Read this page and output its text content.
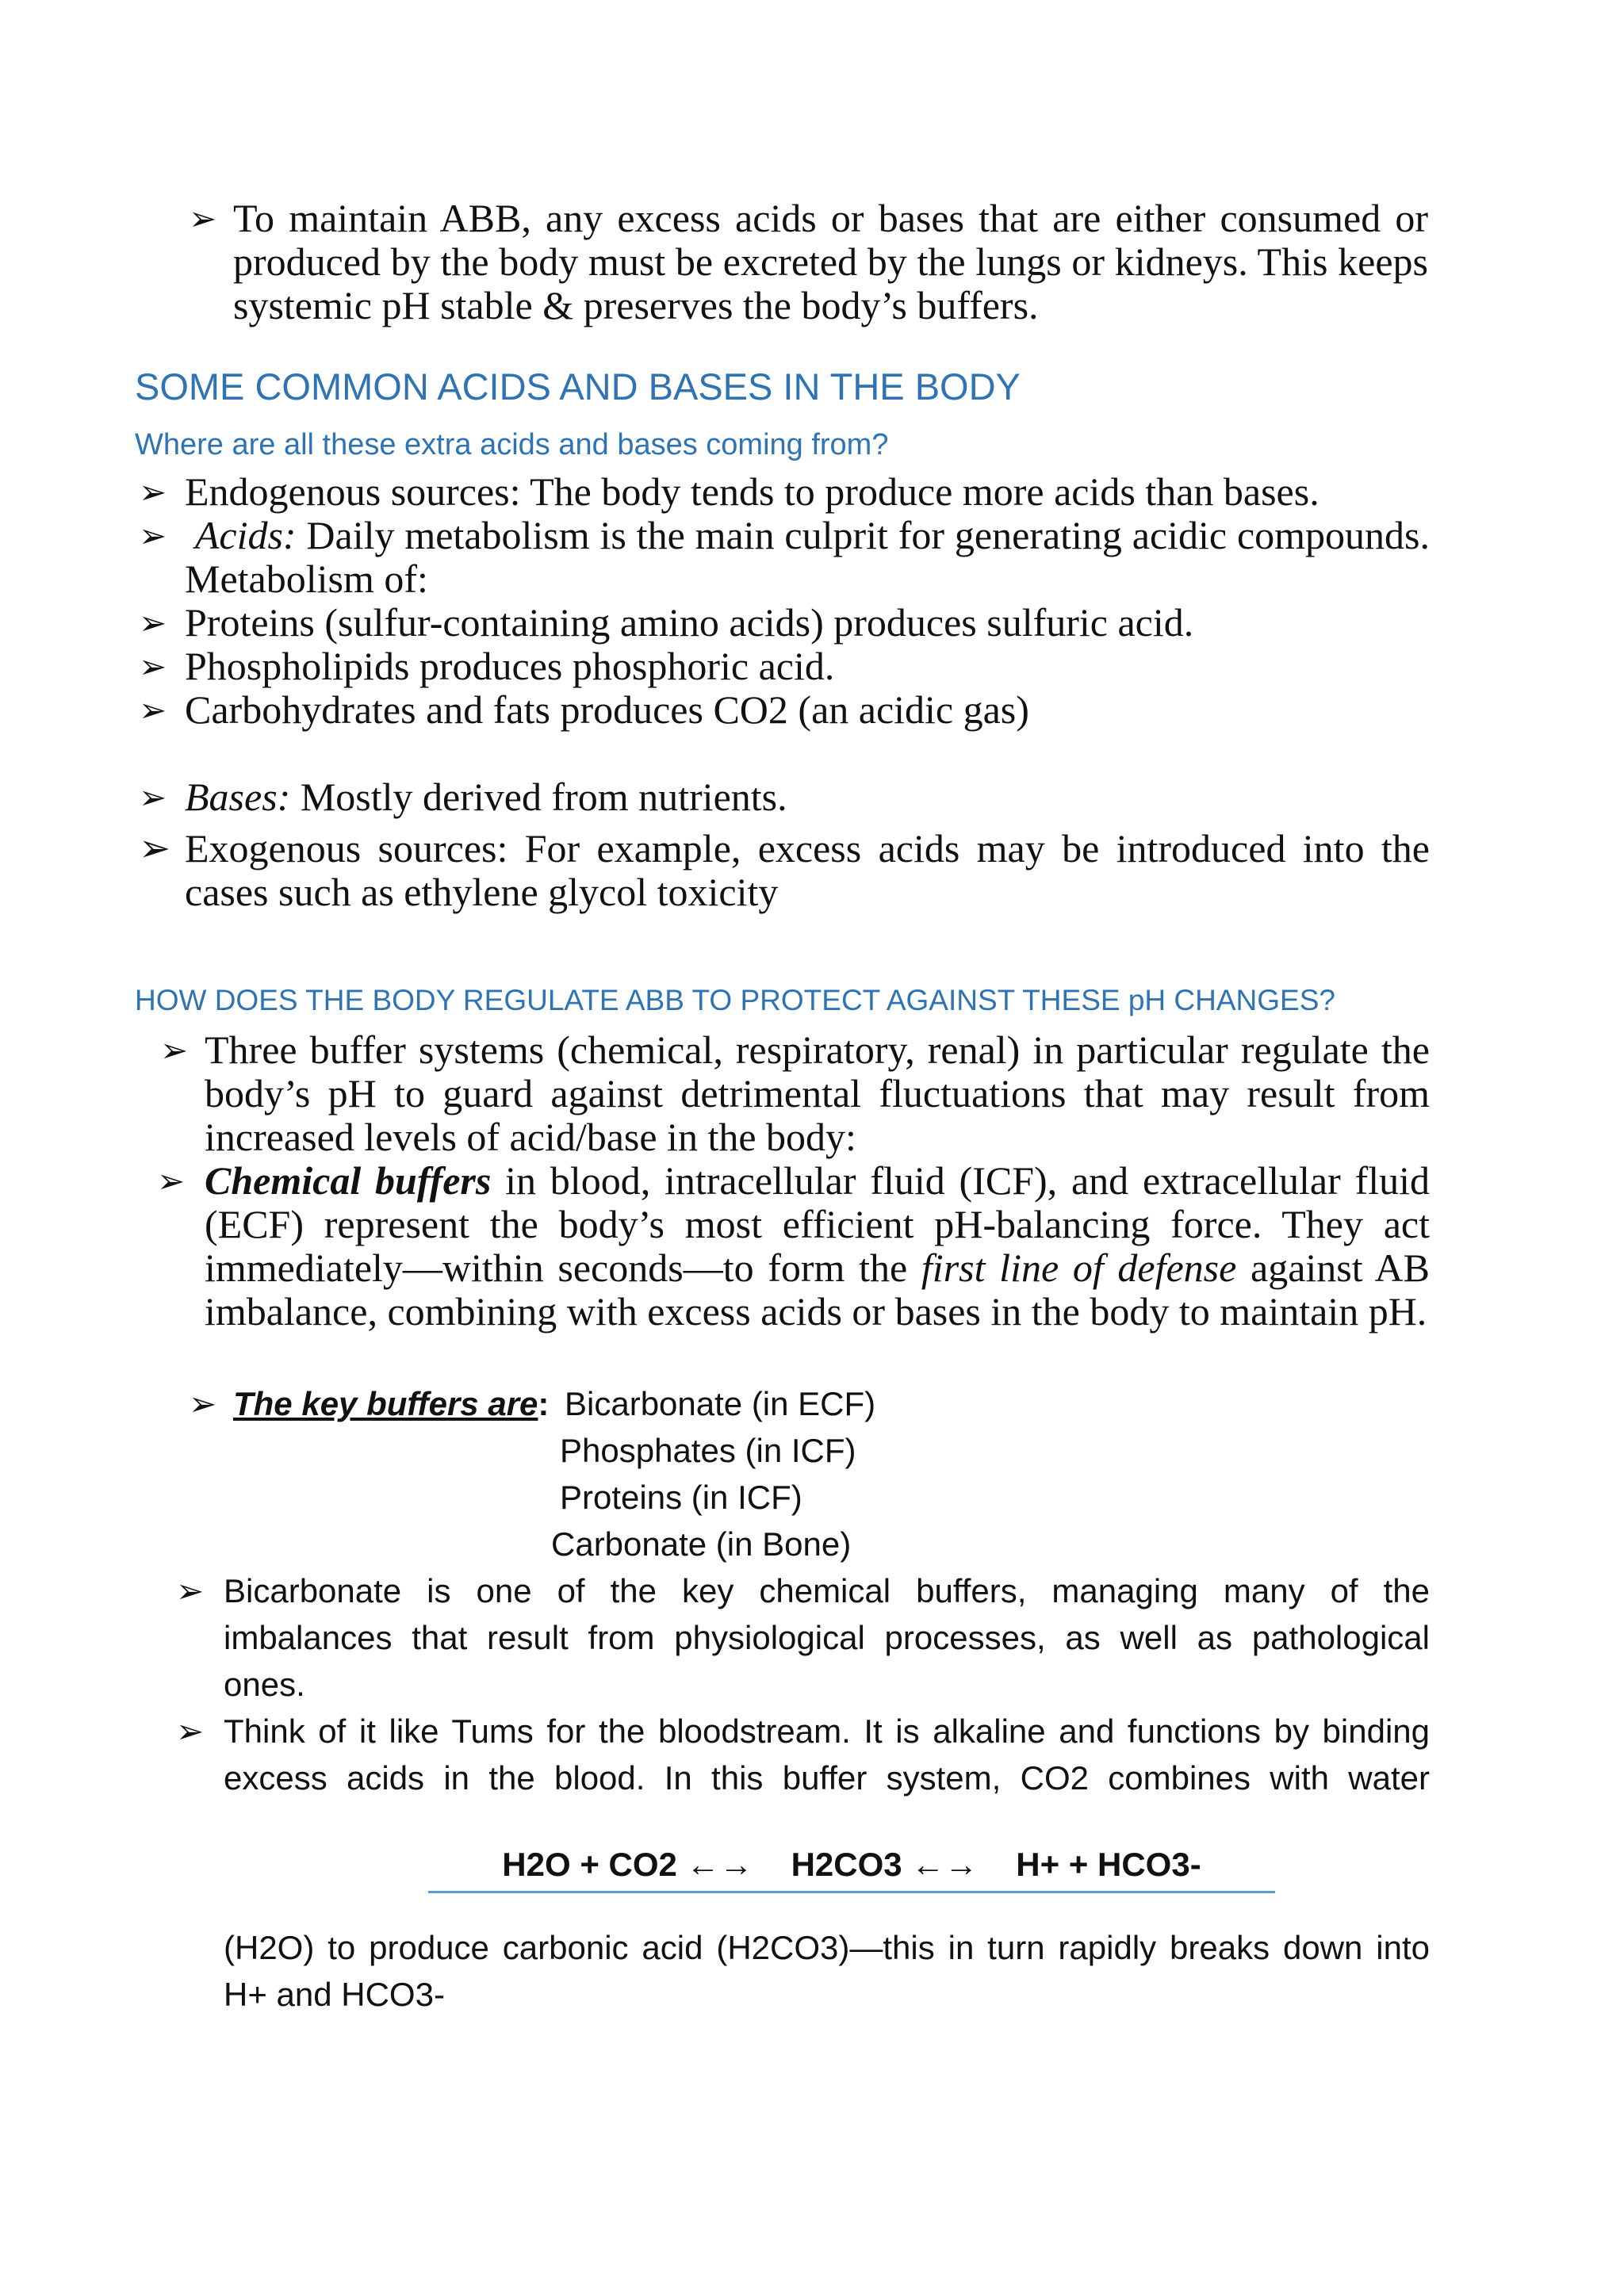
➢ To maintain ABB, any excess acids or bases that are either consumed or
produced by the body must be excreted by the lungs or kidneys. This keeps
systemic pH stable & preserves the body’s buffers.
SOME COMMON ACIDS AND BASES IN THE BODY
Where are all these extra acids and bases coming from?
➢ Endogenous sources: The body tends to produce more acids than bases.
➢ Acids: Daily metabolism is the main culprit for generating acidic compounds.
Metabolism of:
➢ Proteins (sulfur-containing amino acids) produces sulfuric acid.
➢ Phospholipids produces phosphoric acid.
➢ Carbohydrates and fats produces CO2 (an acidic gas)
➢ Bases: Mostly derived from nutrients.
➢ Exogenous sources: For example, excess acids may be introduced into the
cases such as ethylene glycol toxicity
HOW DOES THE BODY REGULATE ABB TO PROTECT AGAINST THESE pH CHANGES?
➢ Three buffer systems (chemical, respiratory, renal) in particular regulate the
body’s pH to guard against detrimental fluctuations that may result from
increased levels of acid/base in the body:
➢ Chemical buffers in blood, intracellular fluid (ICF), and extracellular fluid
(ECF) represent the body’s most efficient pH-balancing force. They act
immediately—within seconds—to form the first line of defense against AB
imbalance, combining with excess acids or bases in the body to maintain pH.
➢ The key buffers are: Bicarbonate (in ECF)
Phosphates (in ICF)
Proteins (in ICF)
Carbonate (in Bone)
➢ Bicarbonate is one of the key chemical buffers, managing many of the
imbalances that result from physiological processes, as well as pathological
ones.
➢ Think of it like Tums for the bloodstream. It is alkaline and functions by binding
excess acids in the blood. In this buffer system, CO2 combines with water
H2O + CO2 ←→ H2CO3 ←→ H+ + HCO3-
(H2O) to produce carbonic acid (H2CO3)—this in turn rapidly breaks down into
H+ and HCO3-
